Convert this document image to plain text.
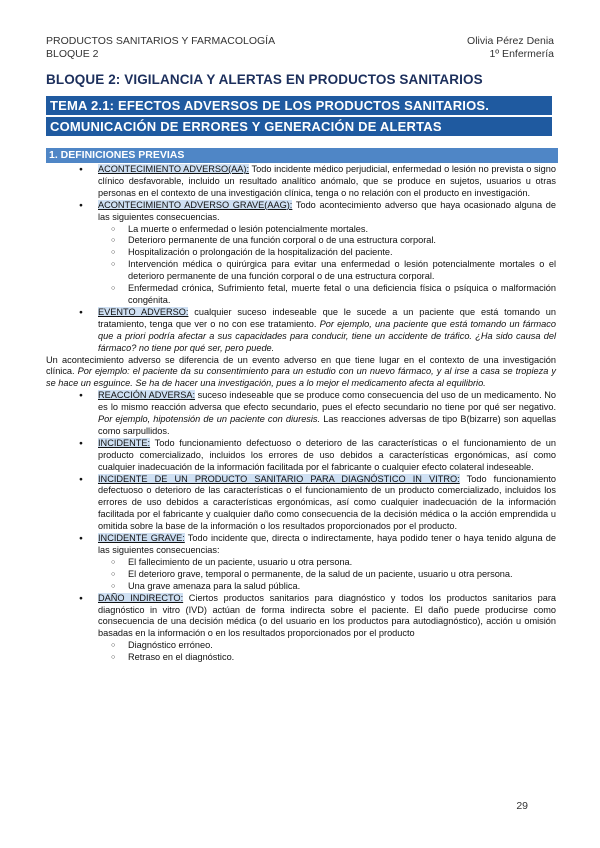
PRODUCTOS SANITARIOS Y FARMACOLOGÍA	Olivia Pérez Denia
BLOQUE 2	1º Enfermería
BLOQUE 2: VIGILANCIA Y ALERTAS EN PRODUCTOS SANITARIOS
TEMA 2.1: EFECTOS ADVERSOS DE LOS PRODUCTOS SANITARIOS.
COMUNICACIÓN DE ERRORES Y GENERACIÓN DE ALERTAS
1. DEFINICIONES PREVIAS
● ACONTECIMIENTO ADVERSO(AA): Todo incidente médico perjudicial, enfermedad o lesión no prevista o signo clínico desfavorable, incluido un resultado analítico anómalo, que se produce en sujetos, usuarios u otras personas en el contexto de una investigación clínica, tenga o no relación con el producto en investigación.
● ACONTECIMIENTO ADVERSO GRAVE(AAG): Todo acontecimiento adverso que haya ocasionado alguna de las siguientes consecuencias.
○ La muerte o enfermedad o lesión potencialmente mortales.
○ Deterioro permanente de una función corporal o de una estructura corporal.
○ Hospitalización o prolongación de la hospitalización del paciente.
○ Intervención médica o quirúrgica para evitar una enfermedad o lesión potencialmente mortales o el deterioro permanente de una función corporal o de una estructura corporal.
○ Enfermedad crónica, Sufrimiento fetal, muerte fetal o una deficiencia física o psíquica o malformación congénita.
● EVENTO ADVERSO: cualquier suceso indeseable que le sucede a un paciente que está tomando un tratamiento, tenga que ver o no con ese tratamiento. Por ejemplo, una paciente que está tomando un fármaco que a priori podría afectar a sus capacidades para conducir, tiene un accidente de tráfico. ¿Ha sido causa del fármaco? no tiene por qué ser, pero puede.

Un acontecimiento adverso se diferencia de un evento adverso en que tiene lugar en el contexto de una investigación clínica. Por ejemplo: el paciente da su consentimiento para un estudio con un nuevo fármaco, y al irse a casa se tropieza y se hace un esguince. Se ha de hacer una investigación, pues a lo mejor el medicamento afecta al equilibrio.

● REACCIÓN ADVERSA: suceso indeseable que se produce como consecuencia del uso de un medicamento. No es lo mismo reacción adversa que efecto secundario, pues el efecto secundario no tiene por qué ser negativo. Por ejemplo, hipotensión de un paciente con diuresis. Las reacciones adversas de tipo B(bizarre) son aquellas como sarpullidos.
● INCIDENTE: Todo funcionamiento defectuoso o deterioro de las características o el funcionamiento de un producto comercializado, incluidos los errores de uso debidos a características ergonómicas, así como cualquier inadecuación de la información facilitada por el fabricante o cualquier efecto colateral indeseable.
● INCIDENTE DE UN PRODUCTO SANITARIO PARA DIAGNÓSTICO IN VITRO: Todo funcionamiento defectuoso o deterioro de las características o el funcionamiento de un producto comercializado, incluidos los errores de uso debidos a características ergonómicas, así como cualquier inadecuación de la información facilitada por el fabricante y cualquier daño como consecuencia de la decisión médica o la acción emprendida u omitida sobre la base de la información o los resultados proporcionados por el producto.
● INCIDENTE GRAVE: Todo incidente que, directa o indirectamente, haya podido tener o haya tenido alguna de las siguientes consecuencias:
○ El fallecimiento de un paciente, usuario u otra persona.
○ El deterioro grave, temporal o permanente, de la salud de un paciente, usuario u otra persona.
○ Una grave amenaza para la salud pública.
● DAÑO INDIRECTO: Ciertos productos sanitarios para diagnóstico y todos los productos sanitarios para diagnóstico in vitro (IVD) actúan de forma indirecta sobre el paciente. El daño puede producirse como consecuencia de una decisión médica (o del usuario en los productos para autodiagnóstico), acción u omisión basadas en la información o en los resultados proporcionados por el producto
○ Diagnóstico erróneo.
○ Retraso en el diagnóstico.
29
